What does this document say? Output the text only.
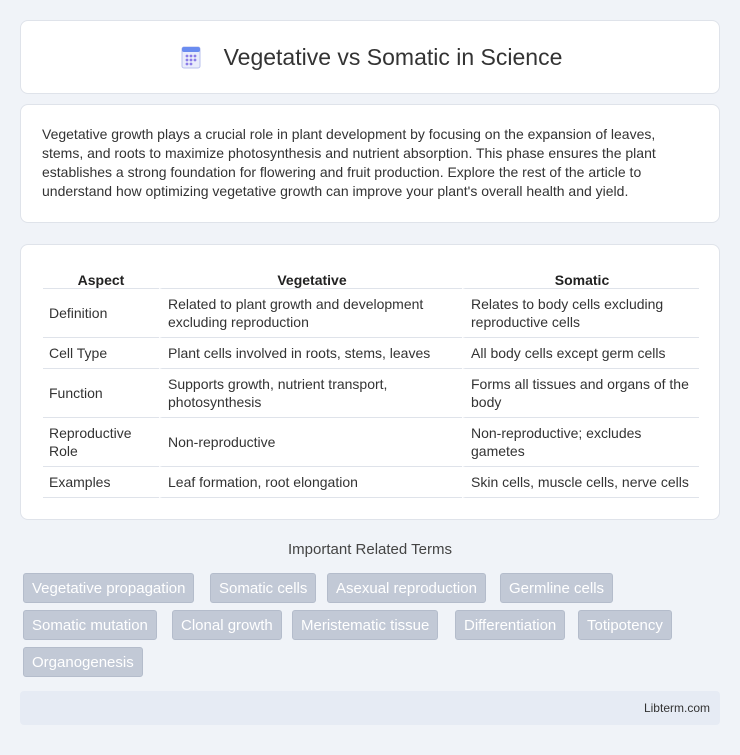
Vegetative vs Somatic in Science

Vegetative growth plays a crucial role in plant development by focusing on the expansion of leaves, stems, and roots to maximize photosynthesis and nutrient absorption. This phase ensures the plant establishes a strong foundation for flowering and fruit production. Explore the rest of the article to understand how optimizing vegetative growth can improve your plant's overall health and yield.

Aspect	Vegetative	Somatic
Definition	Related to plant growth and development excluding reproduction	Relates to body cells excluding reproductive cells
Cell Type	Plant cells involved in roots, stems, leaves	All body cells except germ cells
Function	Supports growth, nutrient transport, photosynthesis	Forms all tissues and organs of the body
Reproductive Role	Non-reproductive	Non-reproductive; excludes gametes
Examples	Leaf formation, root elongation	Skin cells, muscle cells, nerve cells
Important Related Terms
Vegetative propagation	Somatic cells	Asexual reproduction	Germline cells
Somatic mutation	Clonal growth	Meristematic tissue	Differentiation	Totipotency
Organogenesis
Libterm.com
